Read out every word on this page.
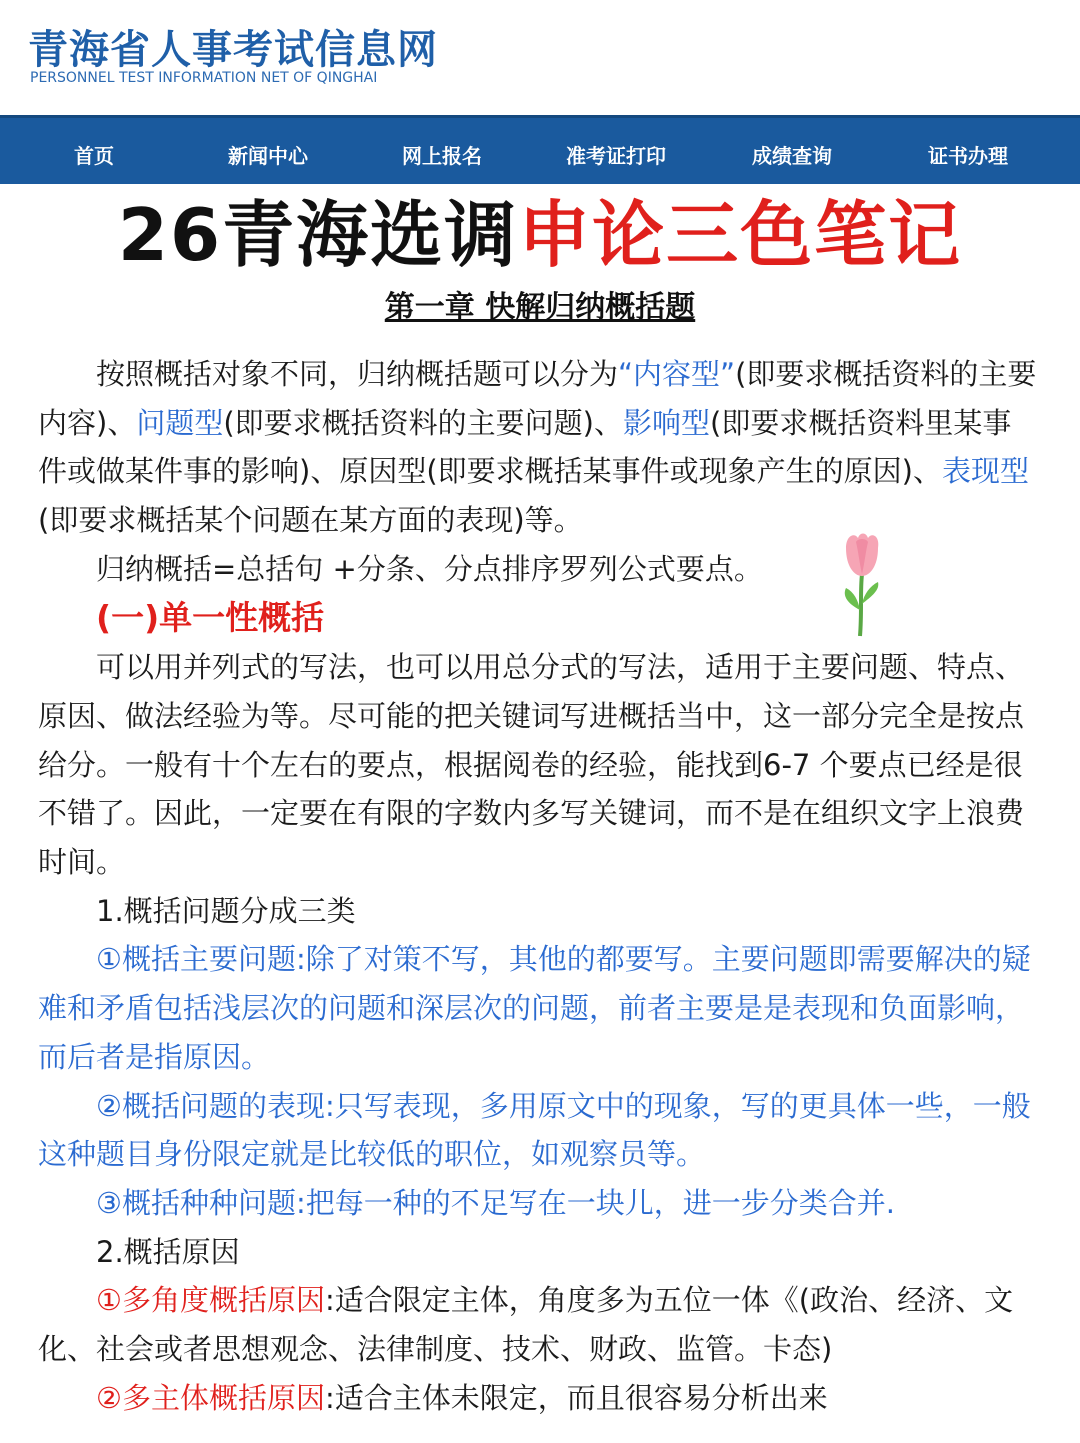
青海省人事考试信息网
PERSONNEL TEST INFORMATION NET OF QINGHAI
首页	新闻中心	网上报名	准考证打印	成绩查询	证书办理
26青海选调申论三色笔记
第一章 快解归纳概括题

按照概括对象不同，归纳概括题可以分为“内容型”(即要求概括资料的主要内容)、问题型(即要求概括资料的主要问题)、影响型(即要求概括资料里某事件或做某件事的影响)、原因型(即要求概括某事件或现象产生的原因)、表现型(即要求概括某个问题在某方面的表现)等。

归纳概括=总括句 +分条、分点排序罗列公式要点。

(一)单一性概括

可以用并列式的写法，也可以用总分式的写法，适用于主要问题、特点、原因、做法经验为等。尽可能的把关键词写进概括当中，这一部分完全是按点给分。一般有十个左右的要点，根据阅卷的经验，能找到6-7 个要点已经是很不错了。因此，一定要在有限的字数内多写关键词，而不是在组织文字上浪费时间。

1.概括问题分成三类

①概括主要问题:除了对策不写，其他的都要写。主要问题即需要解决的疑难和矛盾包括浅层次的问题和深层次的问题，前者主要是是表现和负面影响，而后者是指原因。

②概括问题的表现:只写表现，多用原文中的现象，写的更具体一些，一般这种题目身份限定就是比较低的职位，如观察员等。

③概括种种问题:把每一种的不足写在一块儿，进一步分类合并.

2.概括原因

①多角度概括原因:适合限定主体，角度多为五位一体《(政治、经济、文化、社会或者思想观念、法律制度、技术、财政、监管。卡态)

②多主体概括原因:适合主体未限定，而且很容易分析出来
